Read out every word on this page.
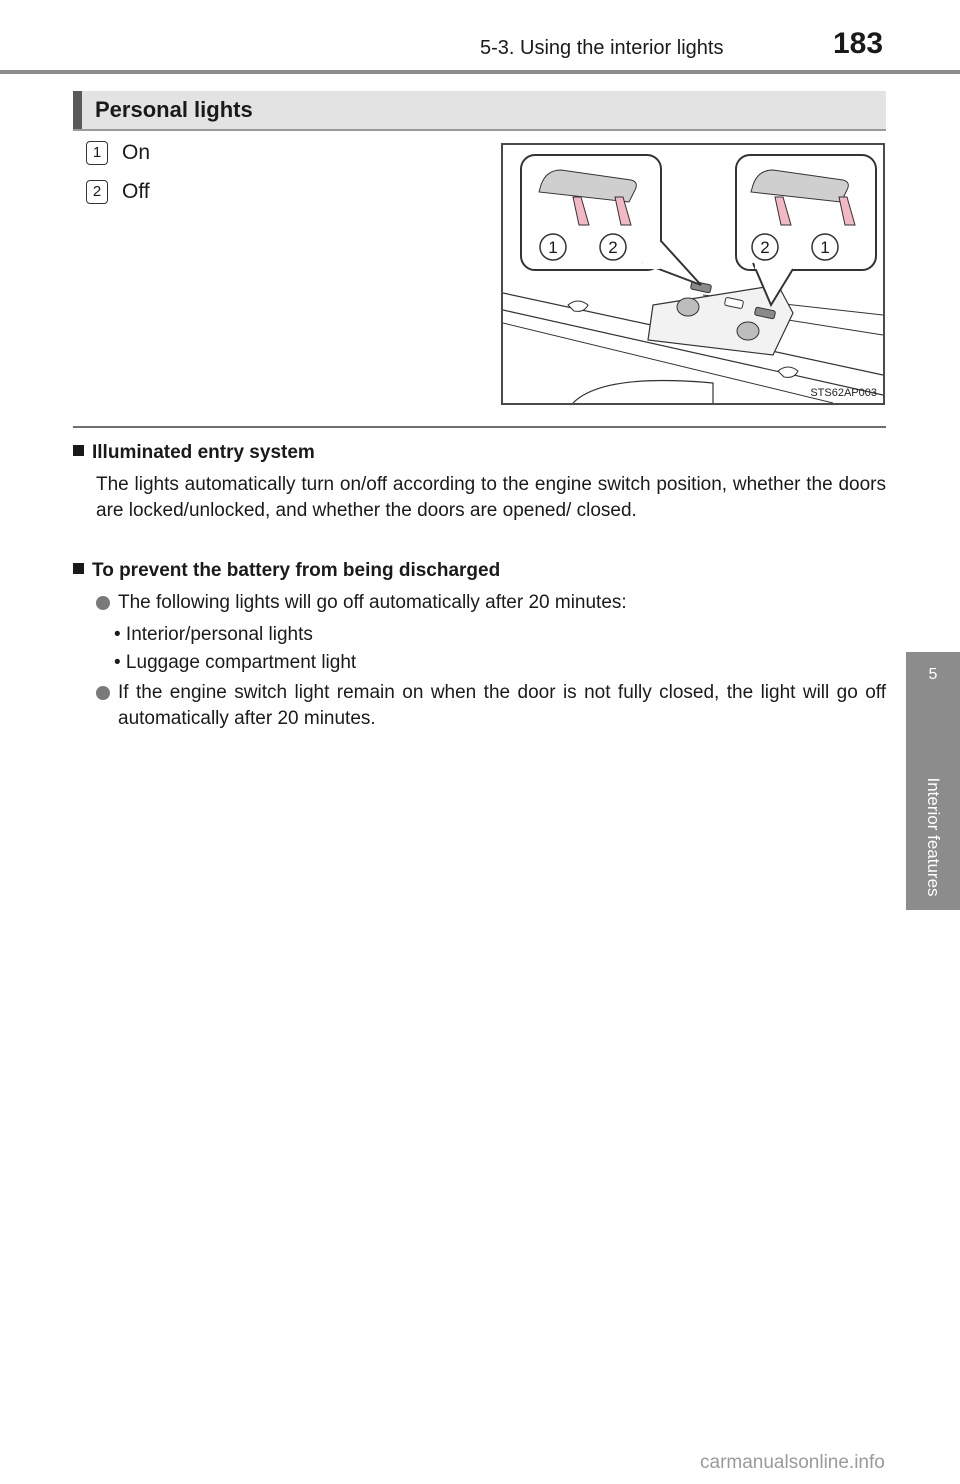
5-3. Using the interior lights	183
5
Interior features
Personal lights
1 On
2 Off
1	2	2	1
STS62AP003
Illuminated entry system
The lights automatically turn on/off according to the engine switch position, whether the doors are locked/unlocked, and whether the doors are opened/ closed.
To prevent the battery from being discharged
The following lights will go off automatically after 20 minutes:
• Interior/personal lights
• Luggage compartment light
If the engine switch light remain on when the door is not fully closed, the light will go off automatically after 20 minutes.
carmanualsonline.info
